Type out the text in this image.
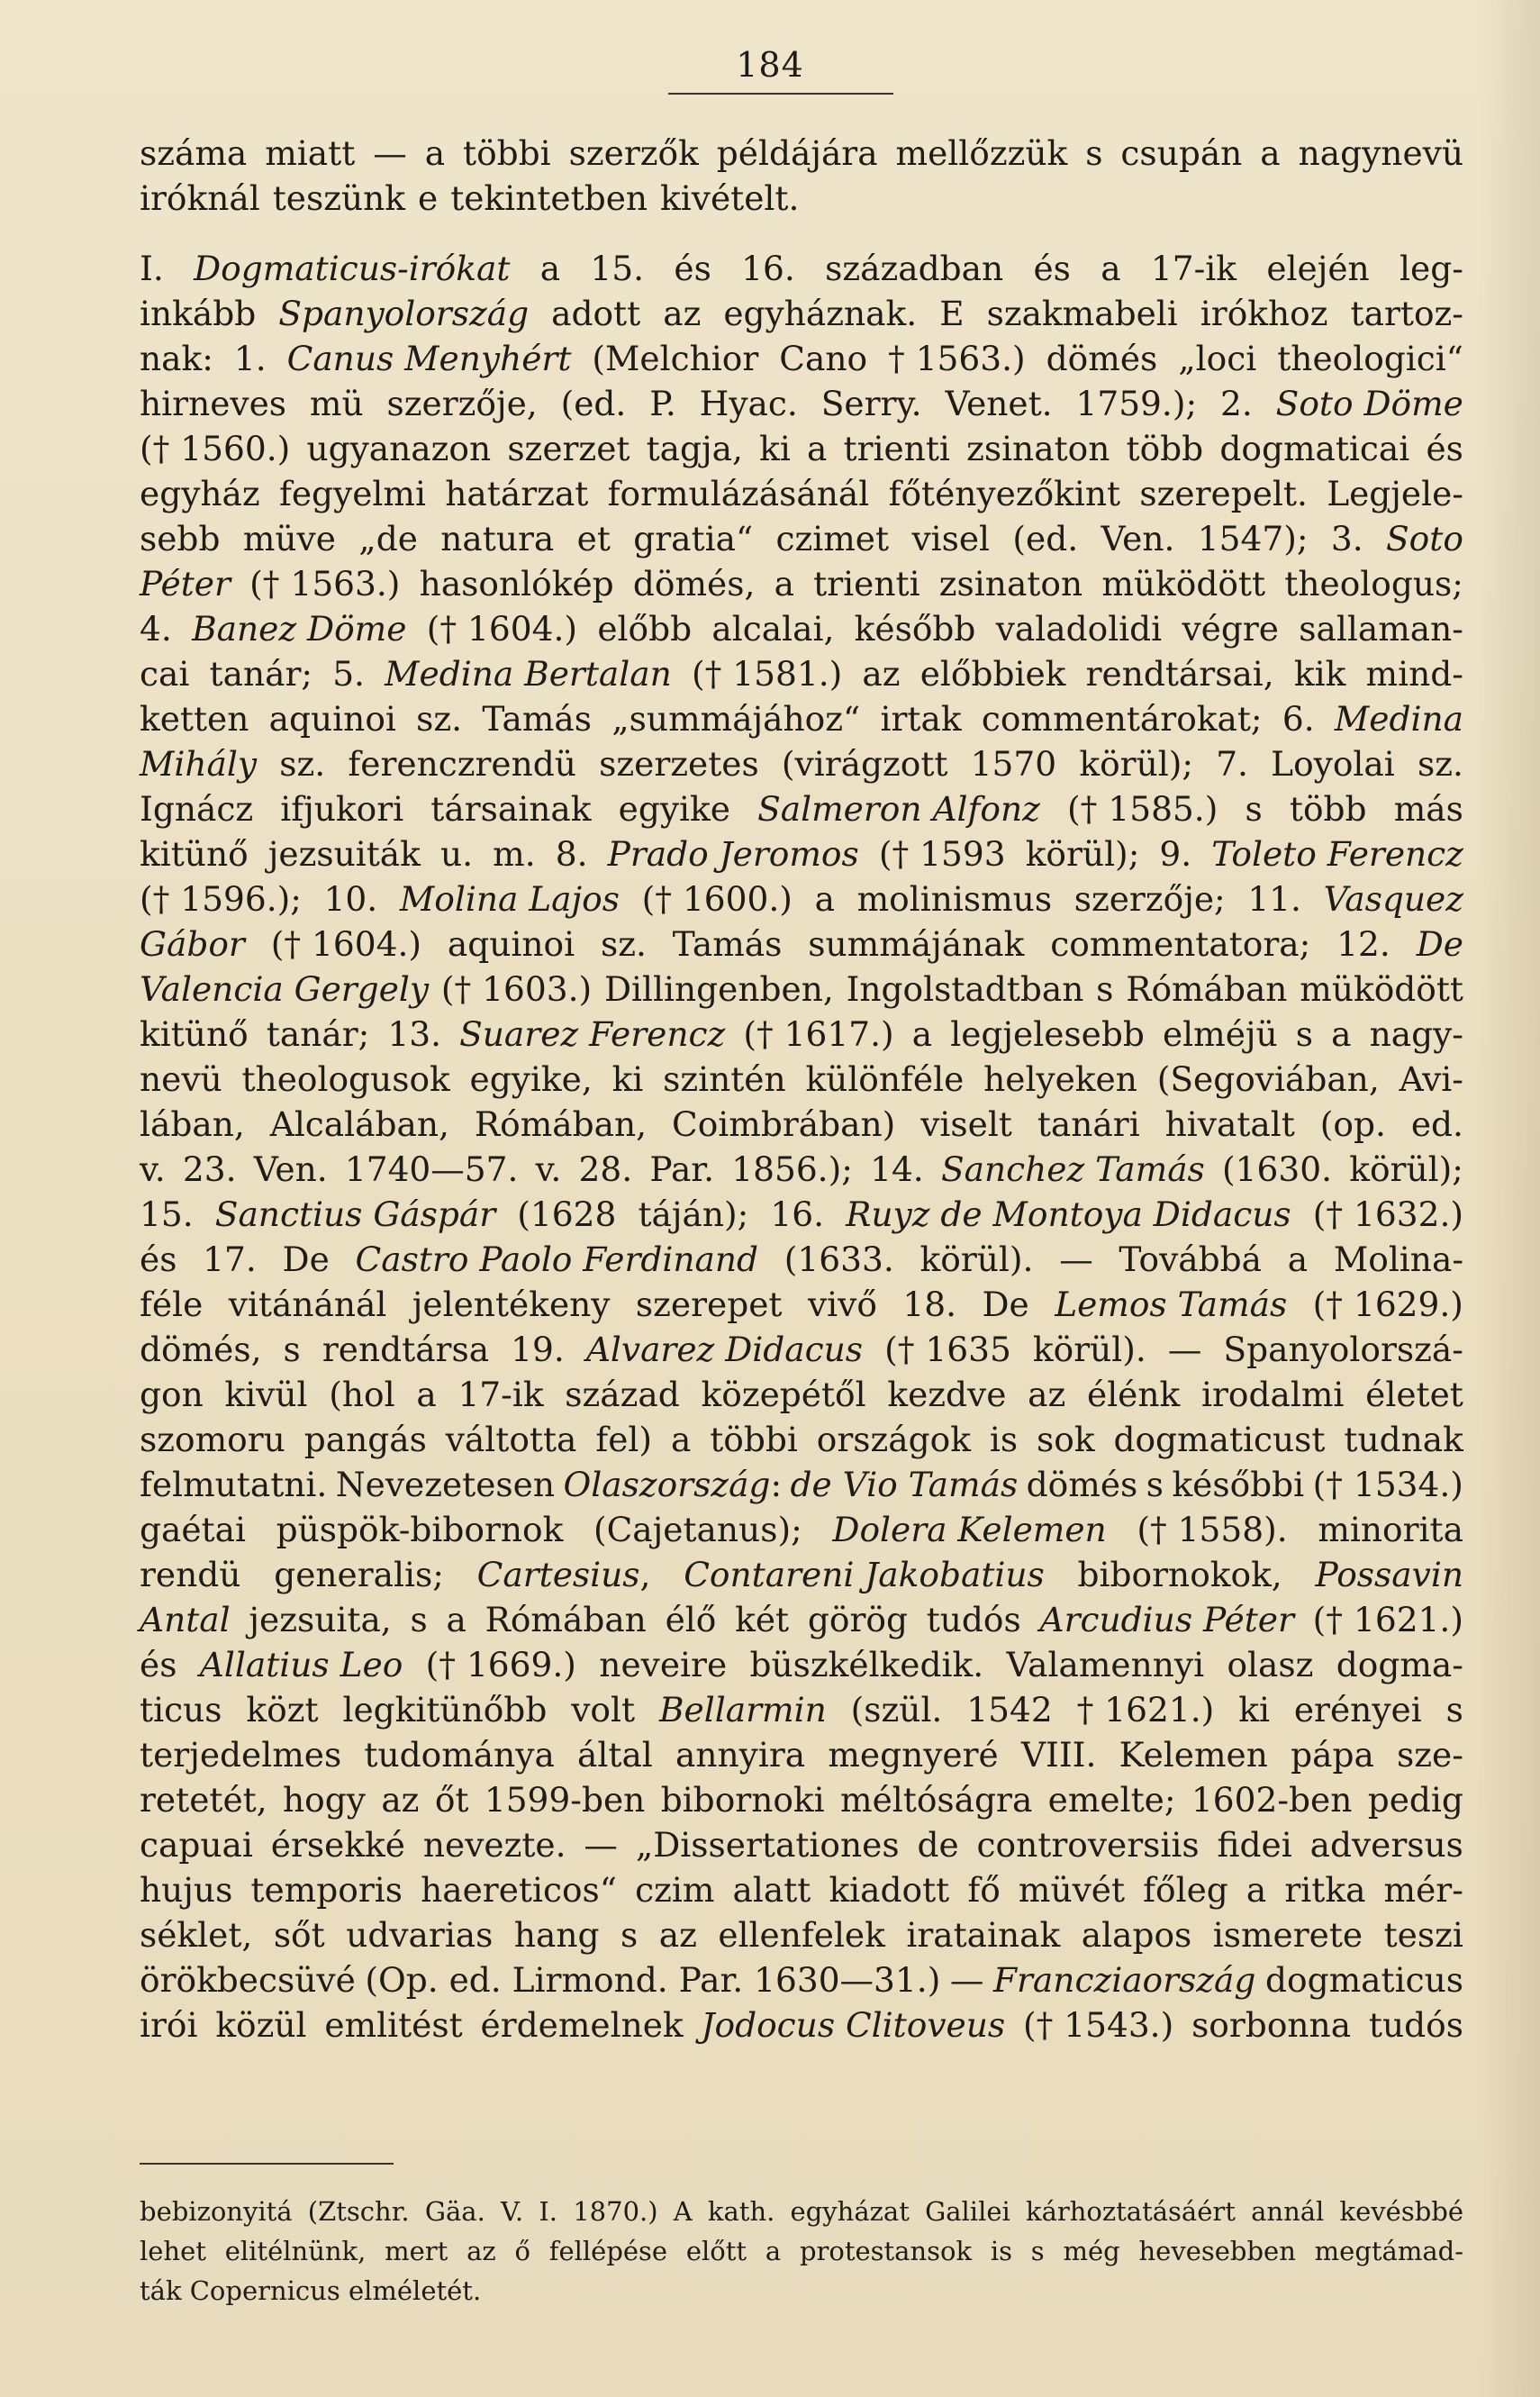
184
száma miatt — a többi szerzők példájára mellőzzük s csupán a nagynevü
iróknál teszünk e tekintetben kivételt.
I. Dogmaticus-irókat a 15. és 16. században és a 17-ik elején leg-
inkább Spanyolország adott az egyháznak. E szakmabeli irókhoz tartoz-
nak: 1. Canus Menyhért (Melchior Cano † 1563.) dömés „loci theologici“
hirneves mü szerzője, (ed. P. Hyac. Serry. Venet. 1759.); 2. Soto Döme
(† 1560.) ugyanazon szerzet tagja, ki a trienti zsinaton több dogmaticai és
egyház fegyelmi határzat formulázásánál főtényezőkint szerepelt. Legjele-
sebb müve „de natura et gratia“ czimet visel (ed. Ven. 1547); 3. Soto
Péter († 1563.) hasonlókép dömés, a trienti zsinaton müködött theologus;
4. Banez Döme († 1604.) előbb alcalai, később valadolidi végre sallaman-
cai tanár; 5. Medina Bertalan († 1581.) az előbbiek rendtársai, kik mind-
ketten aquinoi sz. Tamás „summájához“ irtak commentárokat; 6. Medina
Mihály sz. ferenczrendü szerzetes (virágzott 1570 körül); 7. Loyolai sz.
Ignácz ifjukori társainak egyike Salmeron Alfonz († 1585.) s több más
kitünő jezsuiták u. m. 8. Prado Jeromos († 1593 körül); 9. Toleto Ferencz
(† 1596.); 10. Molina Lajos († 1600.) a molinismus szerzője; 11. Vasquez
Gábor († 1604.) aquinoi sz. Tamás summájának commentatora; 12. De
Valencia Gergely († 1603.) Dillingenben, Ingolstadtban s Rómában müködött
kitünő tanár; 13. Suarez Ferencz († 1617.) a legjelesebb elméjü s a nagy-
nevü theologusok egyike, ki szintén különféle helyeken (Segoviában, Avi-
lában, Alcalában, Rómában, Coimbrában) viselt tanári hivatalt (op. ed.
v. 23. Ven. 1740—57. v. 28. Par. 1856.); 14. Sanchez Tamás (1630. körül);
15. Sanctius Gáspár (1628 táján); 16. Ruyz de Montoya Didacus († 1632.)
és 17. De Castro Paolo Ferdinand (1633. körül). — Továbbá a Molina-
féle vitánánál jelentékeny szerepet vivő 18. De Lemos Tamás († 1629.)
dömés, s rendtársa 19. Alvarez Didacus († 1635 körül). — Spanyolorszá-
gon kivül (hol a 17-ik század közepétől kezdve az élénk irodalmi életet
szomoru pangás váltotta fel) a többi országok is sok dogmaticust tudnak
felmutatni. Nevezetesen Olaszország: de Vio Tamás dömés s későbbi († 1534.)
gaétai püspök-bibornok (Cajetanus); Dolera Kelemen († 1558). minorita
rendü generalis; Cartesius, Contareni Jakobatius bibornokok, Possavin
Antal jezsuita, s a Rómában élő két görög tudós Arcudius Péter († 1621.)
és Allatius Leo († 1669.) neveire büszkélkedik. Valamennyi olasz dogma-
ticus közt legkitünőbb volt Bellarmin (szül. 1542 † 1621.) ki erényei s
terjedelmes tudománya által annyira megnyeré VIII. Kelemen pápa sze-
retetét, hogy az őt 1599-ben bibornoki méltóságra emelte; 1602-ben pedig
capuai érsekké nevezte. — „Dissertationes de controversiis fidei adversus
hujus temporis haereticos“ czim alatt kiadott fő müvét főleg a ritka mér-
séklet, sőt udvarias hang s az ellenfelek iratainak alapos ismerete teszi
örökbecsüvé (Op. ed. Lirmond. Par. 1630—31.) — Francziaország dogmaticus
irói közül emlitést érdemelnek Jodocus Clitoveus († 1543.) sorbonna tudós
bebizonyitá (Ztschr. Gäa. V. I. 1870.) A kath. egyházat Galilei kárhoztatásáért annál kevésbbé
lehet elitélnünk, mert az ő fellépése előtt a protestansok is s még hevesebben megtámad-
ták Copernicus elméletét.
